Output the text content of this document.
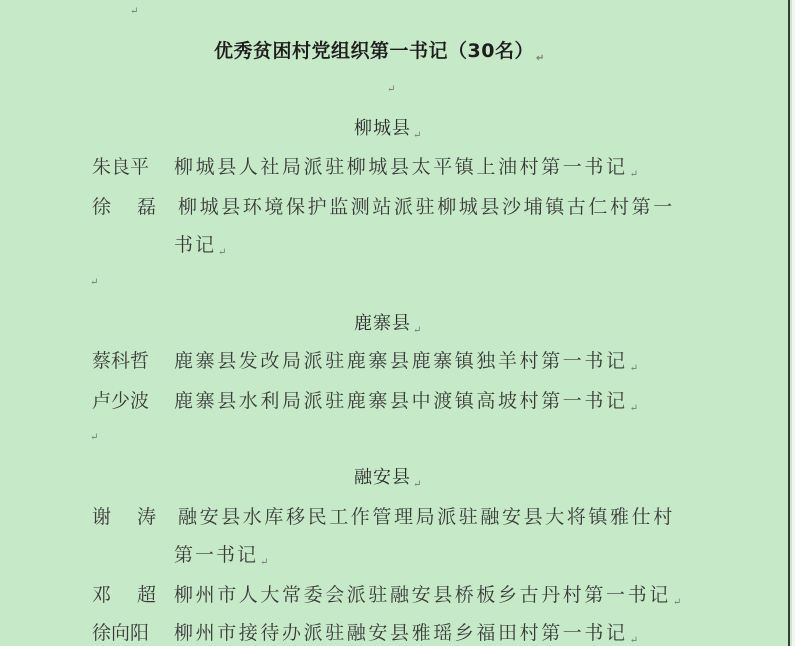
↵
优秀贫困村党组织第一书记（30名） ↵
↵
柳城县 ↵
朱良平 柳城县人社局派驻柳城县太平镇上油村第一书记 ↵
徐磊
柳城县环境保护监测站派驻柳城县沙埔镇古仁村第一
书记 ↵
↵
鹿寨县 ↵
蔡科哲 鹿寨县发改局派驻鹿寨县鹿寨镇独羊村第一书记 ↵
卢少波 鹿寨县水利局派驻鹿寨县中渡镇高坡村第一书记 ↵
↵
融安县 ↵
谢涛
融安县水库移民工作管理局派驻融安县大将镇雅仕村
第一书记 ↵
邓超
柳州市人大常委会派驻融安县桥板乡古丹村第一书记 ↵
徐向阳 柳州市接待办派驻融安县雅瑶乡福田村第一书记 ↵
